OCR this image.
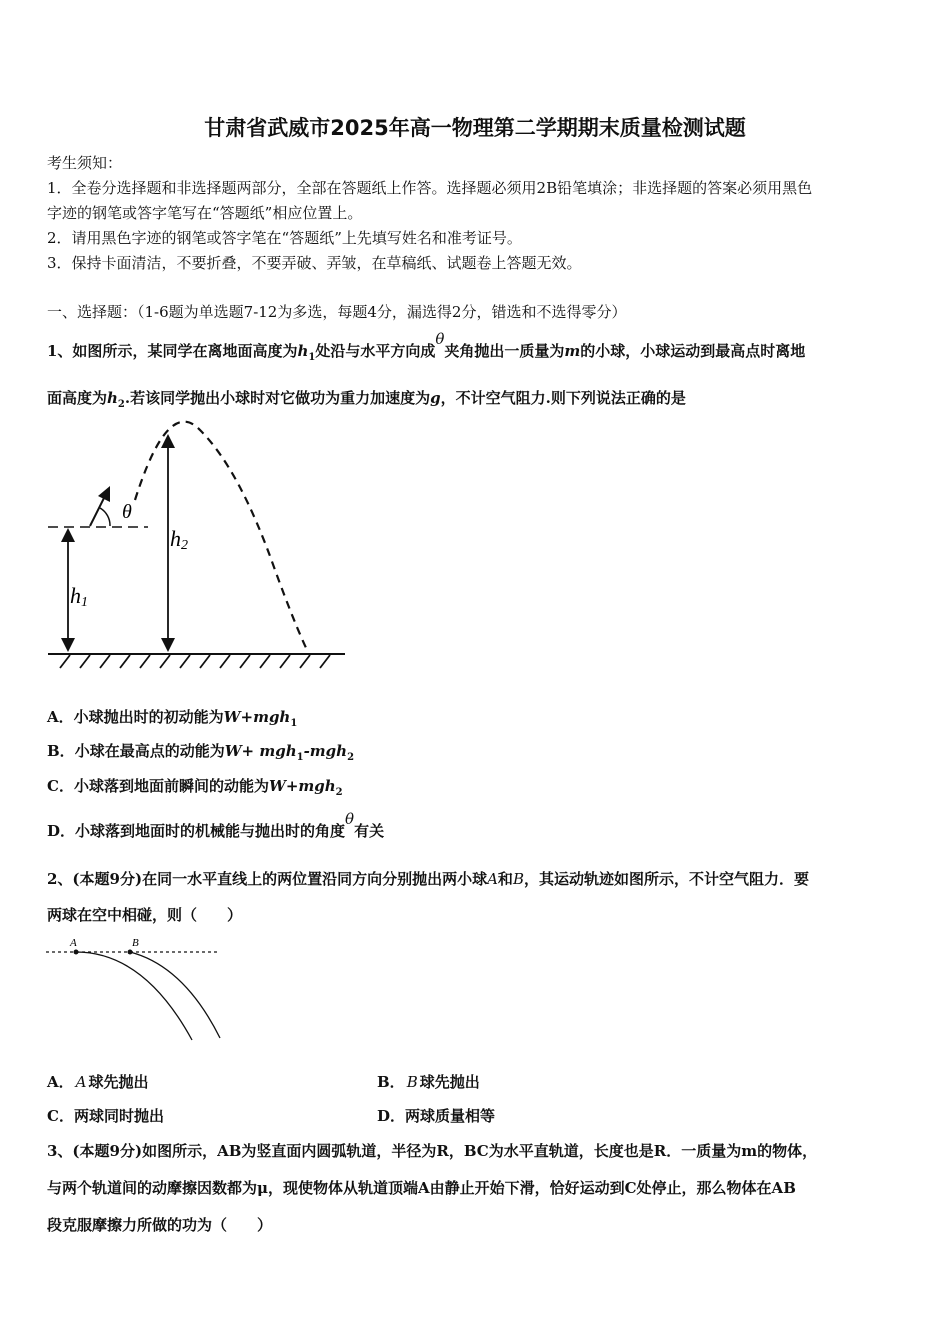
甘肃省武威市2025年高一物理第二学期期末质量检测试题
考生须知：
1．全卷分选择题和非选择题两部分，全部在答题纸上作答。选择题必须用2B铅笔填涂；非选择题的答案必须用黑色
字迹的钢笔或答字笔写在“答题纸”相应位置上。
2．请用黑色字迹的钢笔或答字笔在“答题纸”上先填写姓名和准考证号。
3．保持卡面清洁，不要折叠，不要弄破、弄皱，在草稿纸、试题卷上答题无效。
一、选择题：（1-6题为单选题7-12为多选，每题4分，漏选得2分，错选和不选得零分）
1、如图所示，某同学在离地面高度为$h_1$处沿与水平方向成θ夹角抛出一质量为m的小球，小球运动到最高点时离地
面高度为$h_2$.若该同学抛出小球时对它做功为重力加速度为g，不计空气阻力.则下列说法正确的是
θ
h1
h2
A．小球抛出时的初动能为W+mgh$_1$
B．小球在最高点的动能为W+ mgh$_1$-mgh$_2$
C．小球落到地面前瞬间的动能为W+mgh$_2$
D．小球落到地面时的机械能与抛出时的角度θ有关
2、(本题9分)在同一水平直线上的两位置沿同方向分别抛出两小球A和B，其运动轨迹如图所示，不计空气阻力．要
两球在空中相碰，则（　　）
A	B
A． A 球先抛出	B． B 球先抛出
C．两球同时抛出	D．两球质量相等
3、(本题9分)如图所示，AB为竖直面内圆弧轨道，半径为R，BC为水平直轨道，长度也是R．一质量为m的物体，
与两个轨道间的动摩擦因数都为μ，现使物体从轨道顶端A由静止开始下滑，恰好运动到C处停止，那么物体在AB
段克服摩擦力所做的功为（　　）
